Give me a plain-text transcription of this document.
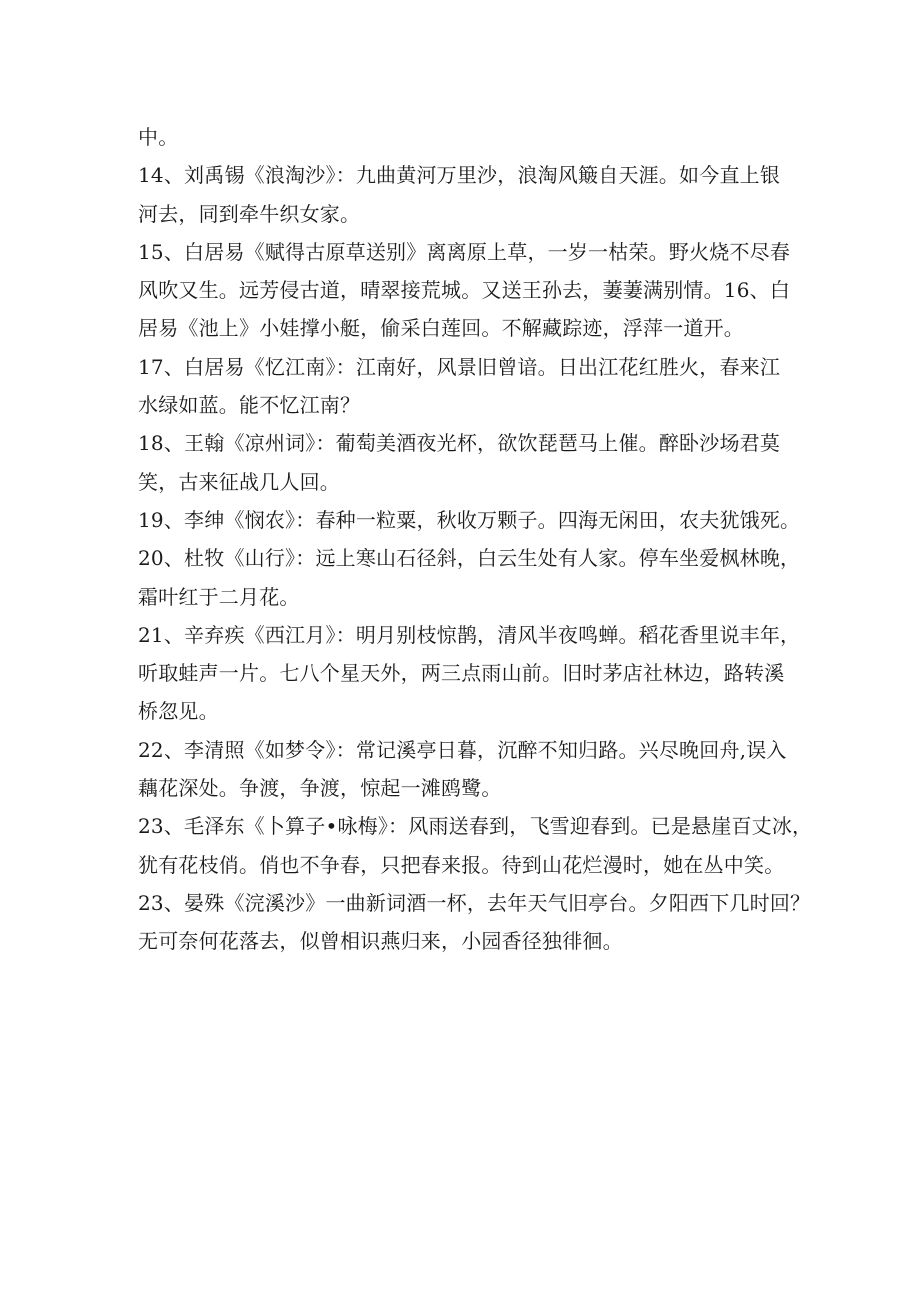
中。
14、刘禹锡《浪淘沙》：九曲黄河万里沙，浪淘风簸自天涯。如今直上银
河去，同到牵牛织女家。
15、白居易《赋得古原草送别》离离原上草，一岁一枯荣。野火烧不尽春
风吹又生。远芳侵古道，晴翠接荒城。又送王孙去，萋萋满别情。16、白
居易《池上》小娃撑小艇，偷采白莲回。不解藏踪迹，浮萍一道开。
17、白居易《忆江南》：江南好，风景旧曾谙。日出江花红胜火，春来江
水绿如蓝。能不忆江南？
18、王翰《凉州词》：葡萄美酒夜光杯，欲饮琵琶马上催。醉卧沙场君莫
笑，古来征战几人回。
19、李绅《悯农》：春种一粒粟，秋收万颗子。四海无闲田，农夫犹饿死。
20、杜牧《山行》：远上寒山石径斜，白云生处有人家。停车坐爱枫林晚，
霜叶红于二月花。
21、辛弃疾《西江月》：明月别枝惊鹊，清风半夜鸣蝉。稻花香里说丰年，
听取蛙声一片。七八个星天外，两三点雨山前。旧时茅店社林边，路转溪
桥忽见。
22、李清照《如梦令》：常记溪亭日暮，沉醉不知归路。兴尽晚回舟,误入
藕花深处。争渡，争渡，惊起一滩鸥鹭。
23、毛泽东《卜算子•咏梅》：风雨送春到，飞雪迎春到。已是悬崖百丈冰，
犹有花枝俏。俏也不争春，只把春来报。待到山花烂漫时，她在丛中笑。
23、晏殊《浣溪沙》一曲新词酒一杯，去年天气旧亭台。夕阳西下几时回？
无可奈何花落去，似曾相识燕归来，小园香径独徘徊。
